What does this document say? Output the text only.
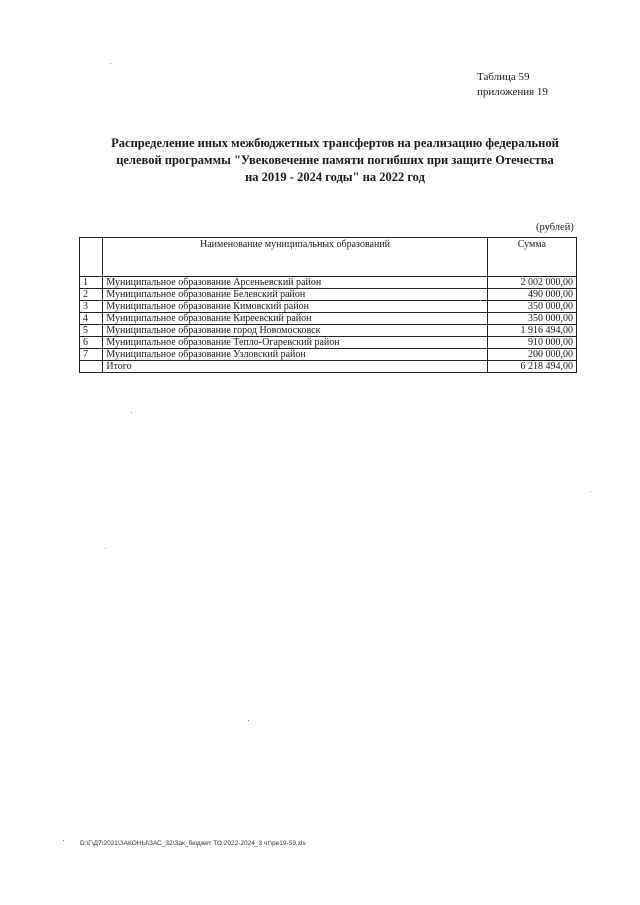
Таблица 59
приложения 19
Распределение иных межбюджетных трансфертов на реализацию федеральной
целевой программы "Увековечение памяти погибших при защите Отечества
на 2019 - 2024 годы" на 2022 год
(рублей)
	Наименование муниципальных образований	Сумма
1	Муниципальное образование Арсеньевский район	2 002 000,00
2	Муниципальное образование Белевский район	490 000,00
3	Муниципальное образование Кимовский район	350 000,00
4	Муниципальное образование Киреевский район	350 000,00
5	Муниципальное образование город Новомосковск	1 916 494,00
6	Муниципальное образование Тепло-Огаревский район	910 000,00
7	Муниципальное образование Узловский район	200 000,00
	Итого	6 218 494,00
D:\Г\Д7\2021\ЗАКОНЫ\ЗАС_32\Зак_бюджет ТО 2022-2024_3 чт\ре19-59.xls
